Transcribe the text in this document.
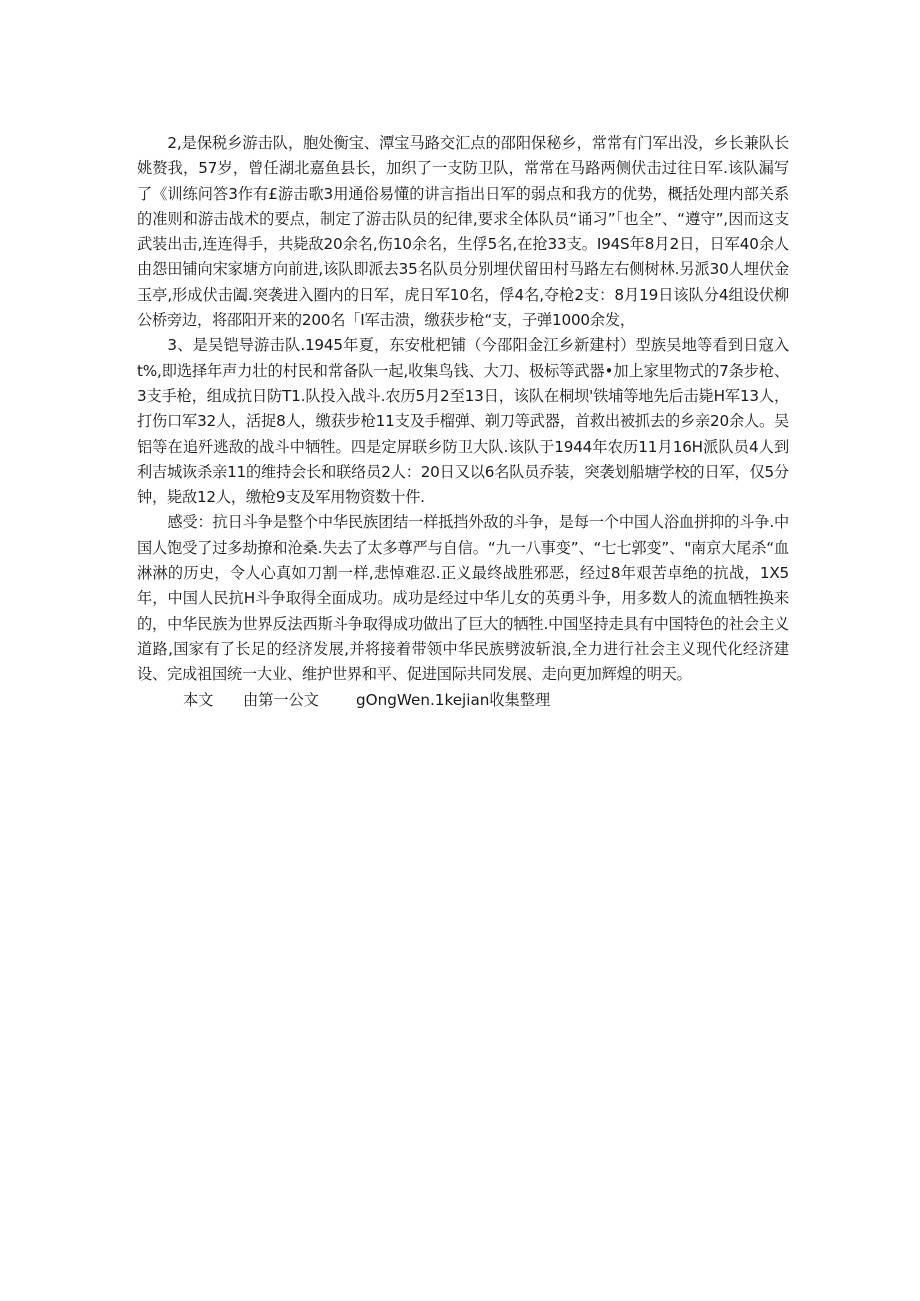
2,是保税乡游击队，胞处衡宝、潭宝马路交汇点的邵阳保秘乡，常常有门军出没，乡长兼队长姚赘我，57岁，曾任湖北嘉鱼县长，加织了一支防卫队，常常在马路两侧伏击过往日军.该队漏写了《训练问答3作有£游击歌3用通俗易懂的讲言指出日军的弱点和我方的优势，概括处理内部关系的准则和游击战术的要点，制定了游击队员的纪律,要求全体队员“诵习”「也全”、“遵守”,因而这支武装出击,连连得手，共毙敌20余名,伤10余名，生俘5名,在抢33支。I94S年8月2日，日军40余人由怨田铺向宋家塘方向前进,该队即派去35名队员分别埋伏留田村马路左右侧树林.另派30人埋伏金玉亭,形成伏击阖.突袭进入圈内的日军，虎日军10名，俘4名,夺枪2支：8月19日该队分4组设伏柳公桥旁边，将邵阳开来的200名「I军击溃，缴获步枪“支，子弹1000余发，

3、是吴铠导游击队.1945年夏，东安枇杷铺（今邵阳金江乡新建村）型族吴地等看到日寇入t%,即选择年声力壮的村民和常备队一起,收集鸟钱、大刀、极标等武器•加上家里物式的7条步枪、3支手枪，组成抗日防T1.队投入战斗.农历5月2至13日，该队在桐坝'铁埔等地先后击毙H军13人，打伤口军32人，活捉8人，缴获步枪11支及手榴弹、剃刀等武器，首救出被抓去的乡亲20余人。吴铝等在追歼逃敌的战斗中牺牲。四是定屏联乡防卫大队.该队于1944年农历11月16H派队员4人到利吉城诙杀亲11的维持会长和联络员2人：20日又以6名队员乔装，突袭划船塘学校的日军，仅5分钟，毙敌12人，缴枪9支及军用物资数十件.

感受：抗日斗争是整个中华民族团结一样抵挡外敌的斗争，是每一个中国人浴血拼抑的斗争.中国人饱受了过多劫撩和沧桑.失去了太多尊严与自信。“九一八事变”、“七七郭变”、"南京大尾杀“血淋淋的历史，令人心真如刀割一样,悲悼难忍.正义最终战胜邪恶，经过8年艰苦卓绝的抗战，1X5年，中国人民抗H斗争取得全面成功。成功是经过中华儿女的英勇斗争，用多数人的流血牺牲换来的，中华民族为世界反法西斯斗争取得成功做出了巨大的牺牲.中国坚持走具有中国特色的社会主义道路,国家有了长足的经济发展,并将接着带领中华民族劈波斩浪,全力进行社会主义现代化经济建设、完成祖国统一大业、维护世界和平、促进国际共同发展、走向更加辉煌的明天。

本文 由第一公文 gOngWen.1kejian收集整理
